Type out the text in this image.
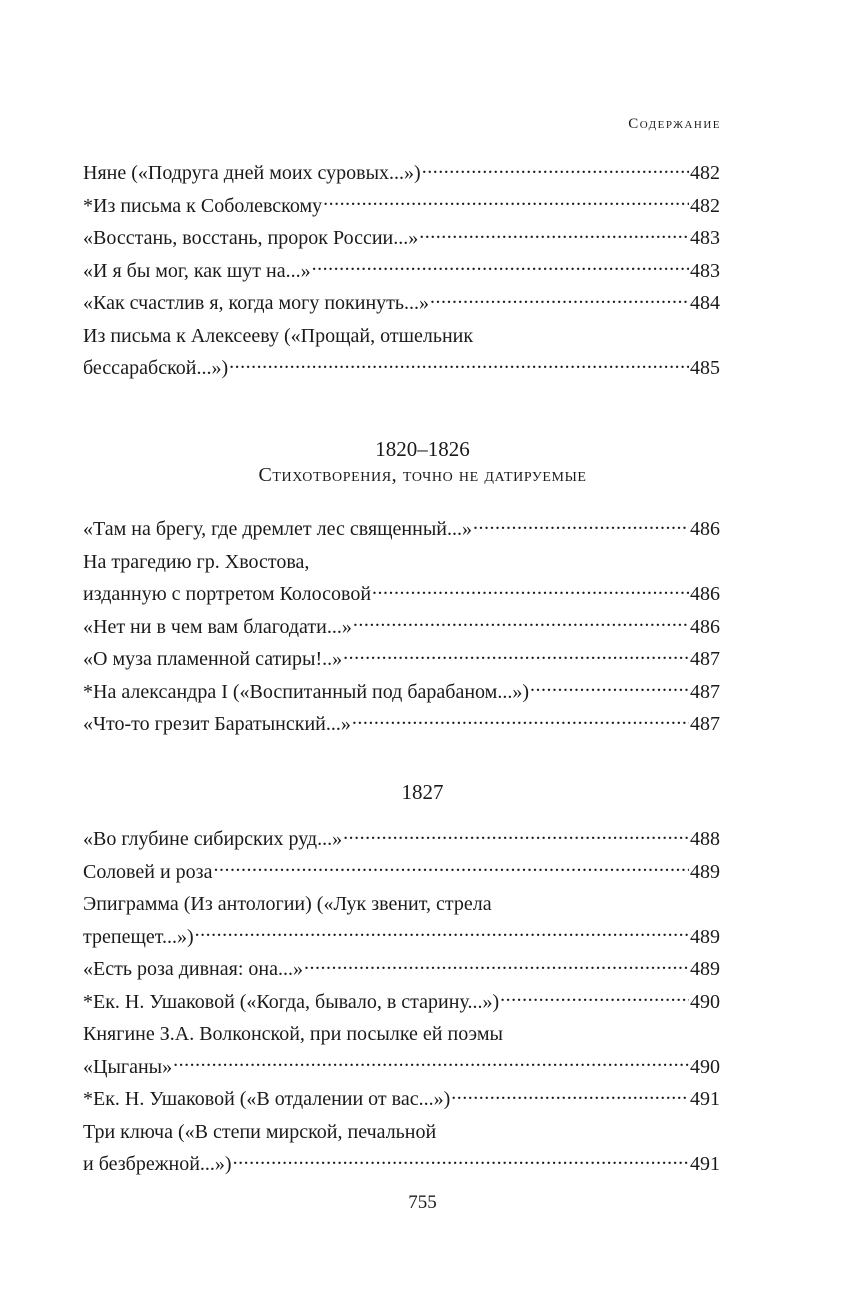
Содержание
Няне («Подруга дней моих суровых...») .....	482
*Из письма к Соболевскому .....	482
«Восстань, восстань, пророк России...» .....	483
«И я бы мог, как шут на...» .....	483
«Как счастлив я, когда могу покинуть...» .....	484
Из письма к Алексееву («Прощай, отшельник
бессарабской...») .....	485
1820–1826
Стихотворения, точно не датируемые
«Там на брегу, где дремлет лес священный...» .....	486
На трагедию гр. Хвостова,
изданную с портретом Колосовой .....	486
«Нет ни в чем вам благодати...» .....	486
«О муза пламенной сатиры!..» .....	487
*На александра I («Воспитанный под барабаном...») .....	487
«Что-то грезит Баратынский...» .....	487
1827
«Во глубине сибирских руд...» .....	488
Соловей и роза .....	489
Эпиграмма (Из антологии) («Лук звенит, стрела
трепещет...») .....	489
«Есть роза дивная: она...» .....	489
*Ек. Н. Ушаковой («Когда, бывало, в старину...») .....	490
Княгине З.А. Волконской, при посылке ей поэмы
«Цыганы» .....	490
*Ек. Н. Ушаковой («В отдалении от вас...») .....	491
Три ключа («В степи мирской, печальной
и безбрежной...») .....	491
755
